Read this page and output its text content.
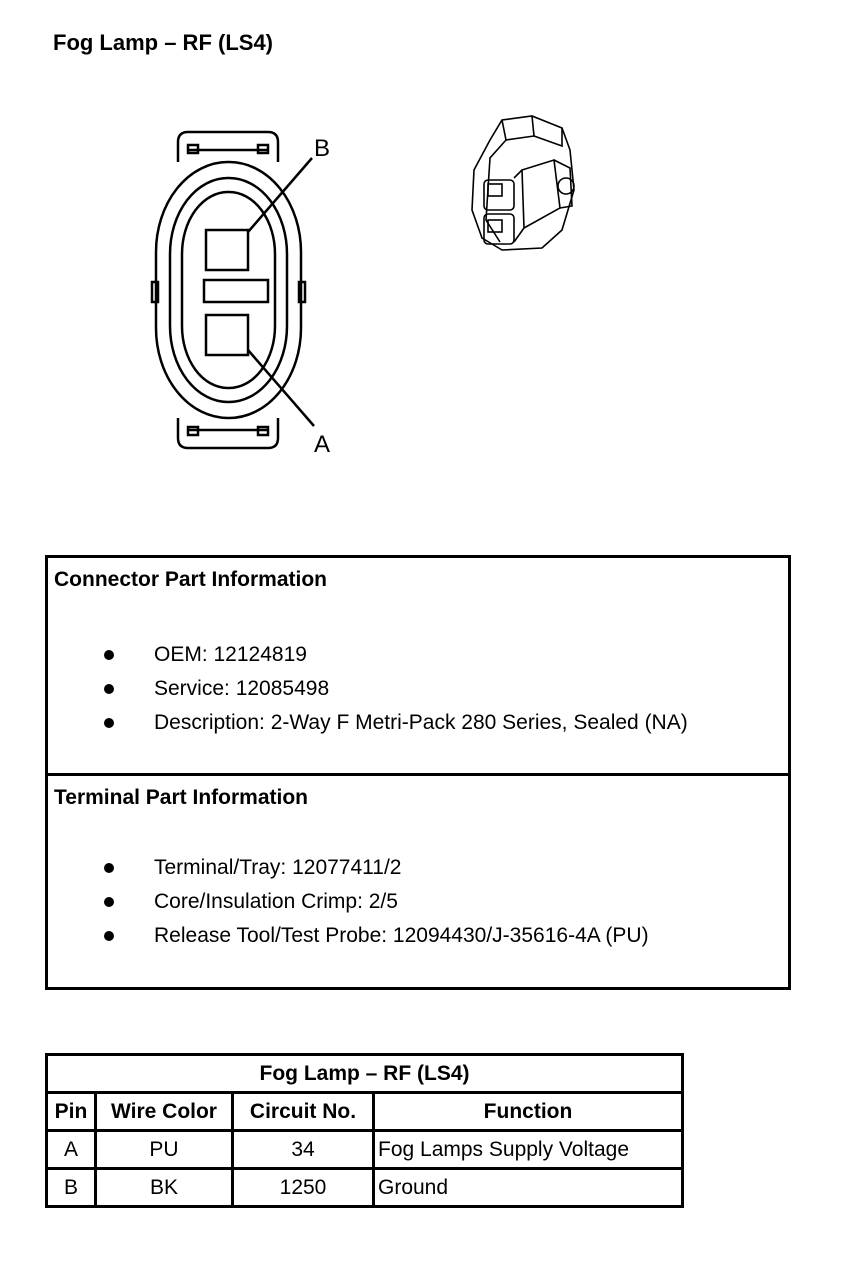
Fog Lamp – RF (LS4)
B
A
Connector Part Information
OEM: 12124819
Service: 12085498
Description: 2-Way F Metri-Pack 280 Series, Sealed (NA)
Terminal Part Information
Terminal/Tray: 12077411/2
Core/Insulation Crimp: 2/5
Release Tool/Test Probe: 12094430/J-35616-4A (PU)
Fog Lamp – RF (LS4)			
Pin	Wire Color	Circuit No.	Function
A	PU	34	Fog Lamps Supply Voltage
B	BK	1250	Ground
